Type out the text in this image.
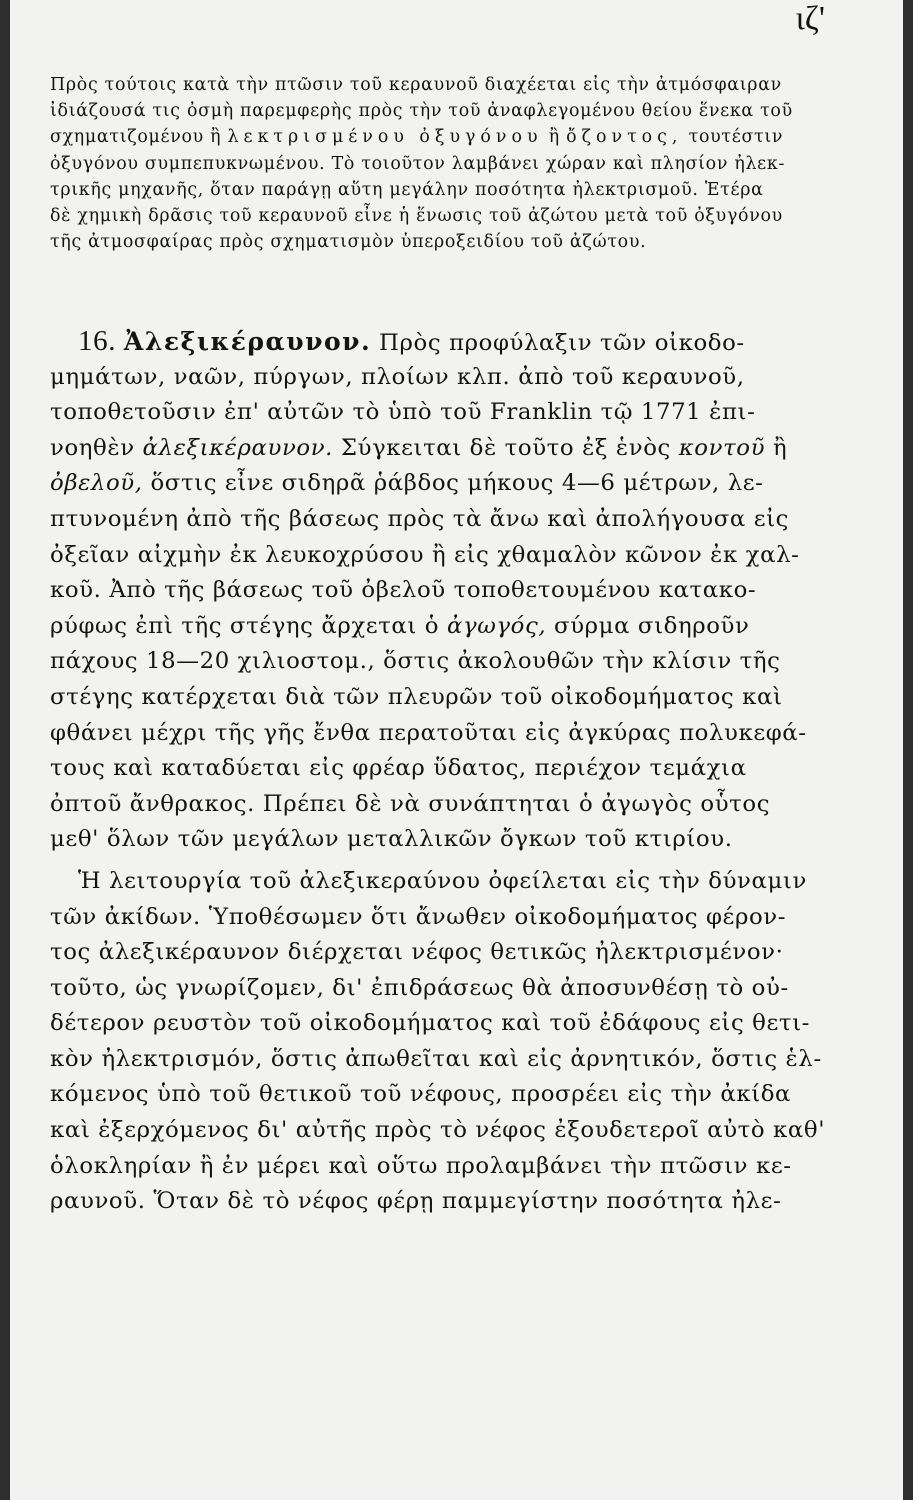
ιζ'
Πρὸς τούτοις κατὰ τὴν πτῶσιν τοῦ κεραυνοῦ διαχέεται εἰς τὴν ἀτμόσφαιραν
ἰδιάζουσά τις ὀσμὴ παρεμφερὴς πρὸς τὴν τοῦ ἀναφλεγομένου θείου ἕνεκα τοῦ
σχηματιζομένου ἢ λεκτρισμένου ὀξυγόνου ἢ ὄζοντος, τουτέστιν
ὀξυγόνου συμπεπυκνωμένου. Τὸ τοιοῦτον λαμβάνει χώραν καὶ πλησίον ἠλεκ-
τρικῆς μηχανῆς, ὅταν παράγῃ αὕτη μεγάλην ποσότητα ἠλεκτρισμοῦ. Ἑτέρα
δὲ χημικὴ δρᾶσις τοῦ κεραυνοῦ εἶνε ἡ ἕνωσις τοῦ ἀζώτου μετὰ τοῦ ὀξυγόνου
τῆς ἀτμοσφαίρας πρὸς σχηματισμὸν ὑπεροξειδίου τοῦ ἀζώτου.
16. Ἀλεξικέραυνον. Πρὸς προφύλαξιν τῶν οἰκοδο-
μημάτων, ναῶν, πύργων, πλοίων κλπ. ἀπὸ τοῦ κεραυνοῦ,
τοποθετοῦσιν ἐπ' αὐτῶν τὸ ὑπὸ τοῦ Franklin τῷ 1771 ἐπι-
νοηθὲν ἀλεξικέραυνον. Σύγκειται δὲ τοῦτο ἐξ ἑνὸς κοντοῦ ἢ
ὀβελοῦ, ὅστις εἶνε σιδηρᾶ ῥάβδος μήκους 4—6 μέτρων, λε-
πτυνομένη ἀπὸ τῆς βάσεως πρὸς τὰ ἄνω καὶ ἀπολήγουσα εἰς
ὀξεῖαν αἰχμὴν ἐκ λευκοχρύσου ἢ εἰς χθαμαλὸν κῶνον ἐκ χαλ-
κοῦ. Ἀπὸ τῆς βάσεως τοῦ ὀβελοῦ τοποθετουμένου κατακο-
ρύφως ἐπὶ τῆς στέγης ἄρχεται ὁ ἀγωγός, σύρμα σιδηροῦν
πάχους 18—20 χιλιοστομ., ὅστις ἀκολουθῶν τὴν κλίσιν τῆς
στέγης κατέρχεται διὰ τῶν πλευρῶν τοῦ οἰκοδομήματος καὶ
φθάνει μέχρι τῆς γῆς ἔνθα περατοῦται εἰς ἀγκύρας πολυκεφά-
τους καὶ καταδύεται εἰς φρέαρ ὕδατος, περιέχον τεμάχια
ὀπτοῦ ἄνθρακος. Πρέπει δὲ νὰ συνάπτηται ὁ ἀγωγὸς οὗτος
μεθ' ὅλων τῶν μεγάλων μεταλλικῶν ὄγκων τοῦ κτιρίου.
Ἡ λειτουργία τοῦ ἀλεξικεραύνου ὀφείλεται εἰς τὴν δύναμιν
τῶν ἀκίδων. Ὑποθέσωμεν ὅτι ἄνωθεν οἰκοδομήματος φέρον-
τος ἀλεξικέραυνον διέρχεται νέφος θετικῶς ἠλεκτρισμένον·
τοῦτο, ὡς γνωρίζομεν, δι' ἐπιδράσεως θὰ ἀποσυνθέσῃ τὸ οὐ-
δέτερον ρευστὸν τοῦ οἰκοδομήματος καὶ τοῦ ἐδάφους εἰς θετι-
κὸν ἠλεκτρισμόν, ὅστις ἀπωθεῖται καὶ εἰς ἀρνητικόν, ὅστις ἑλ-
κόμενος ὑπὸ τοῦ θετικοῦ τοῦ νέφους, προσρέει εἰς τὴν ἀκίδα
καὶ ἐξερχόμενος δι' αὐτῆς πρὸς τὸ νέφος ἐξουδετεροῖ αὐτὸ καθ'
ὁλοκληρίαν ἢ ἐν μέρει καὶ οὕτω προλαμβάνει τὴν πτῶσιν κε-
ραυνοῦ. Ὅταν δὲ τὸ νέφος φέρῃ παμμεγίστην ποσότητα ἠλε-
